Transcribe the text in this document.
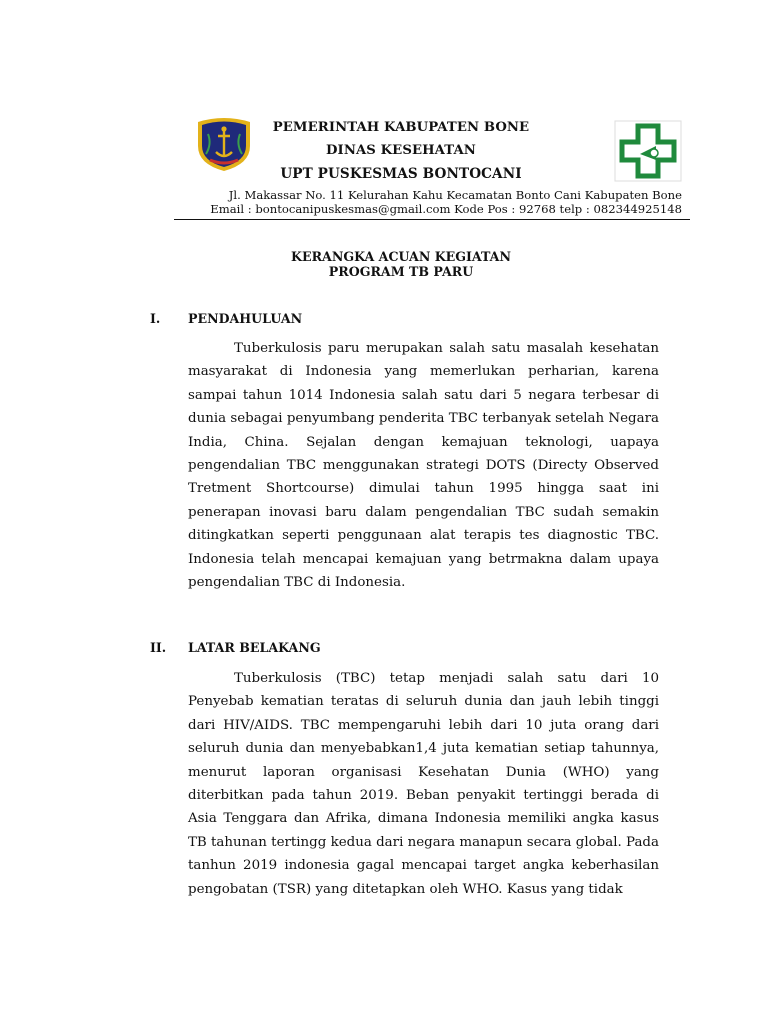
PEMERINTAH KABUPATEN BONE
DINAS KESEHATAN
UPT PUSKESMAS BONTOCANI
Jl. Makassar No. 11 Kelurahan Kahu Kecamatan Bonto Cani Kabupaten Bone
Email : bontocanipuskesmas@gmail.com Kode Pos : 92768 telp : 082344925148
KERANGKA ACUAN KEGIATAN
PROGRAM TB PARU
I. PENDAHULUAN

Tuberkulosis paru merupakan salah satu masalah kesehatan masyarakat di Indonesia yang memerlukan perharian, karena sampai tahun 1014 Indonesia salah satu dari 5 negara terbesar di dunia sebagai penyumbang penderita TBC terbanyak setelah Negara India, China. Sejalan dengan kemajuan teknologi, uapaya pengendalian TBC menggunakan strategi DOTS (Directy Observed Tretment Shortcourse) dimulai tahun 1995 hingga saat ini penerapan inovasi baru dalam pengendalian TBC sudah semakin ditingkatkan seperti penggunaan alat terapis tes diagnostic TBC. Indonesia telah mencapai kemajuan yang betrmakna dalam upaya pengendalian TBC di Indonesia.

II. LATAR BELAKANG

Tuberkulosis (TBC) tetap menjadi salah satu dari 10 Penyebab kematian teratas di seluruh dunia dan jauh lebih tinggi dari HIV/AIDS. TBC mempengaruhi lebih dari 10 juta orang dari seluruh dunia dan menyebabkan1,4 juta kematian setiap tahunnya, menurut laporan organisasi Kesehatan Dunia (WHO) yang diterbitkan pada tahun 2019. Beban penyakit tertinggi berada di Asia Tenggara dan Afrika, dimana Indonesia memiliki angka kasus TB tahunan tertingg kedua dari negara manapun secara global. Pada tanhun 2019 indonesia gagal mencapai target angka keberhasilan pengobatan (TSR) yang ditetapkan oleh WHO. Kasus yang tidak
